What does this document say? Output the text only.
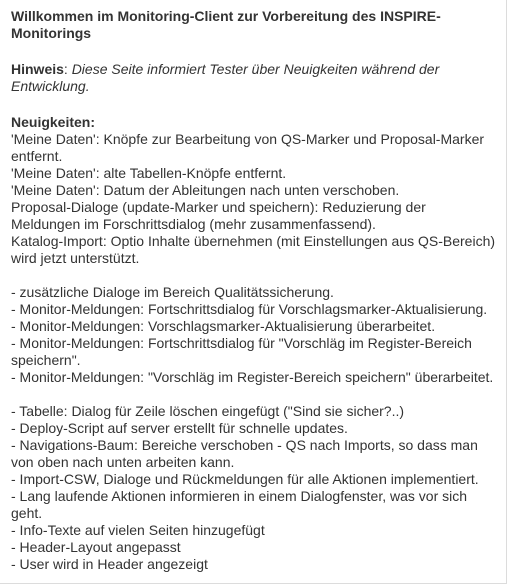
Willkommen im Monitoring-Client zur Vorbereitung des INSPIRE-Monitorings

Hinweis: Diese Seite informiert Tester über Neuigkeiten während der Entwicklung.

Neuigkeiten:

'Meine Daten': Knöpfe zur Bearbeitung von QS-Marker und Proposal-Marker entfernt.

'Meine Daten': alte Tabellen-Knöpfe entfernt.

'Meine Daten': Datum der Ableitungen nach unten verschoben.

Proposal-Dialoge (update-Marker und speichern): Reduzierung der Meldungen im Forschrittsdialog (mehr zusammenfassend).

Katalog-Import: Optio Inhalte übernehmen (mit Einstellungen aus QS-Bereich) wird jetzt unterstützt.

- zusätzliche Dialoge im Bereich Qualitätssicherung.

- Monitor-Meldungen: Fortschrittsdialog für Vorschlagsmarker-Aktualisierung.

- Monitor-Meldungen: Vorschlagsmarker-Aktualisierung überarbeitet.

- Monitor-Meldungen: Fortschrittsdialog für "Vorschläg im Register-Bereich speichern".

- Monitor-Meldungen: "Vorschläg im Register-Bereich speichern" überarbeitet.

- Tabelle: Dialog für Zeile löschen eingefügt ("Sind sie sicher?..)

- Deploy-Script auf server erstellt für schnelle updates.

- Navigations-Baum: Bereiche verschoben - QS nach Imports, so dass man von oben nach unten arbeiten kann.

- Import-CSW, Dialoge und Rückmeldungen für alle Aktionen implementiert.

- Lang laufende Aktionen informieren in einem Dialogfenster, was vor sich geht.

- Info-Texte auf vielen Seiten hinzugefügt

- Header-Layout angepasst

- User wird in Header angezeigt
